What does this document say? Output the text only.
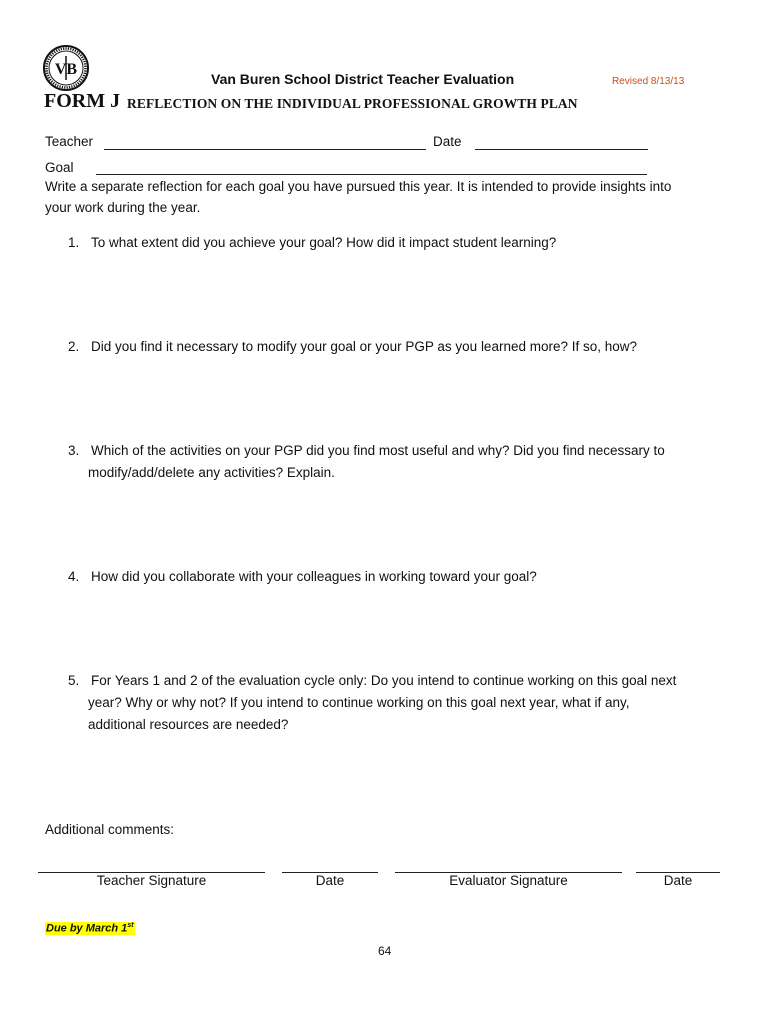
VB
Van Buren School District Teacher Evaluation	Revised 8/13/13
FORM J REFLECTION ON THE INDIVIDUAL PROFESSIONAL GROWTH PLAN
Teacher	Date
Goal
Write a separate reflection for each goal you have pursued this year. It is intended to provide insights into
your work during the year.
1. To what extent did you achieve your goal? How did it impact student learning?
2. Did you find it necessary to modify your goal or your PGP as you learned more? If so, how?
3. Which of the activities on your PGP did you find most useful and why? Did you find necessary to
modify/add/delete any activities? Explain.
4. How did you collaborate with your colleagues in working toward your goal?
5. For Years 1 and 2 of the evaluation cycle only: Do you intend to continue working on this goal next
year? Why or why not? If you intend to continue working on this goal next year, what if any,
additional resources are needed?
Additional comments:
Teacher Signature	Date	Evaluator Signature	Date
Due by March 1st
64
